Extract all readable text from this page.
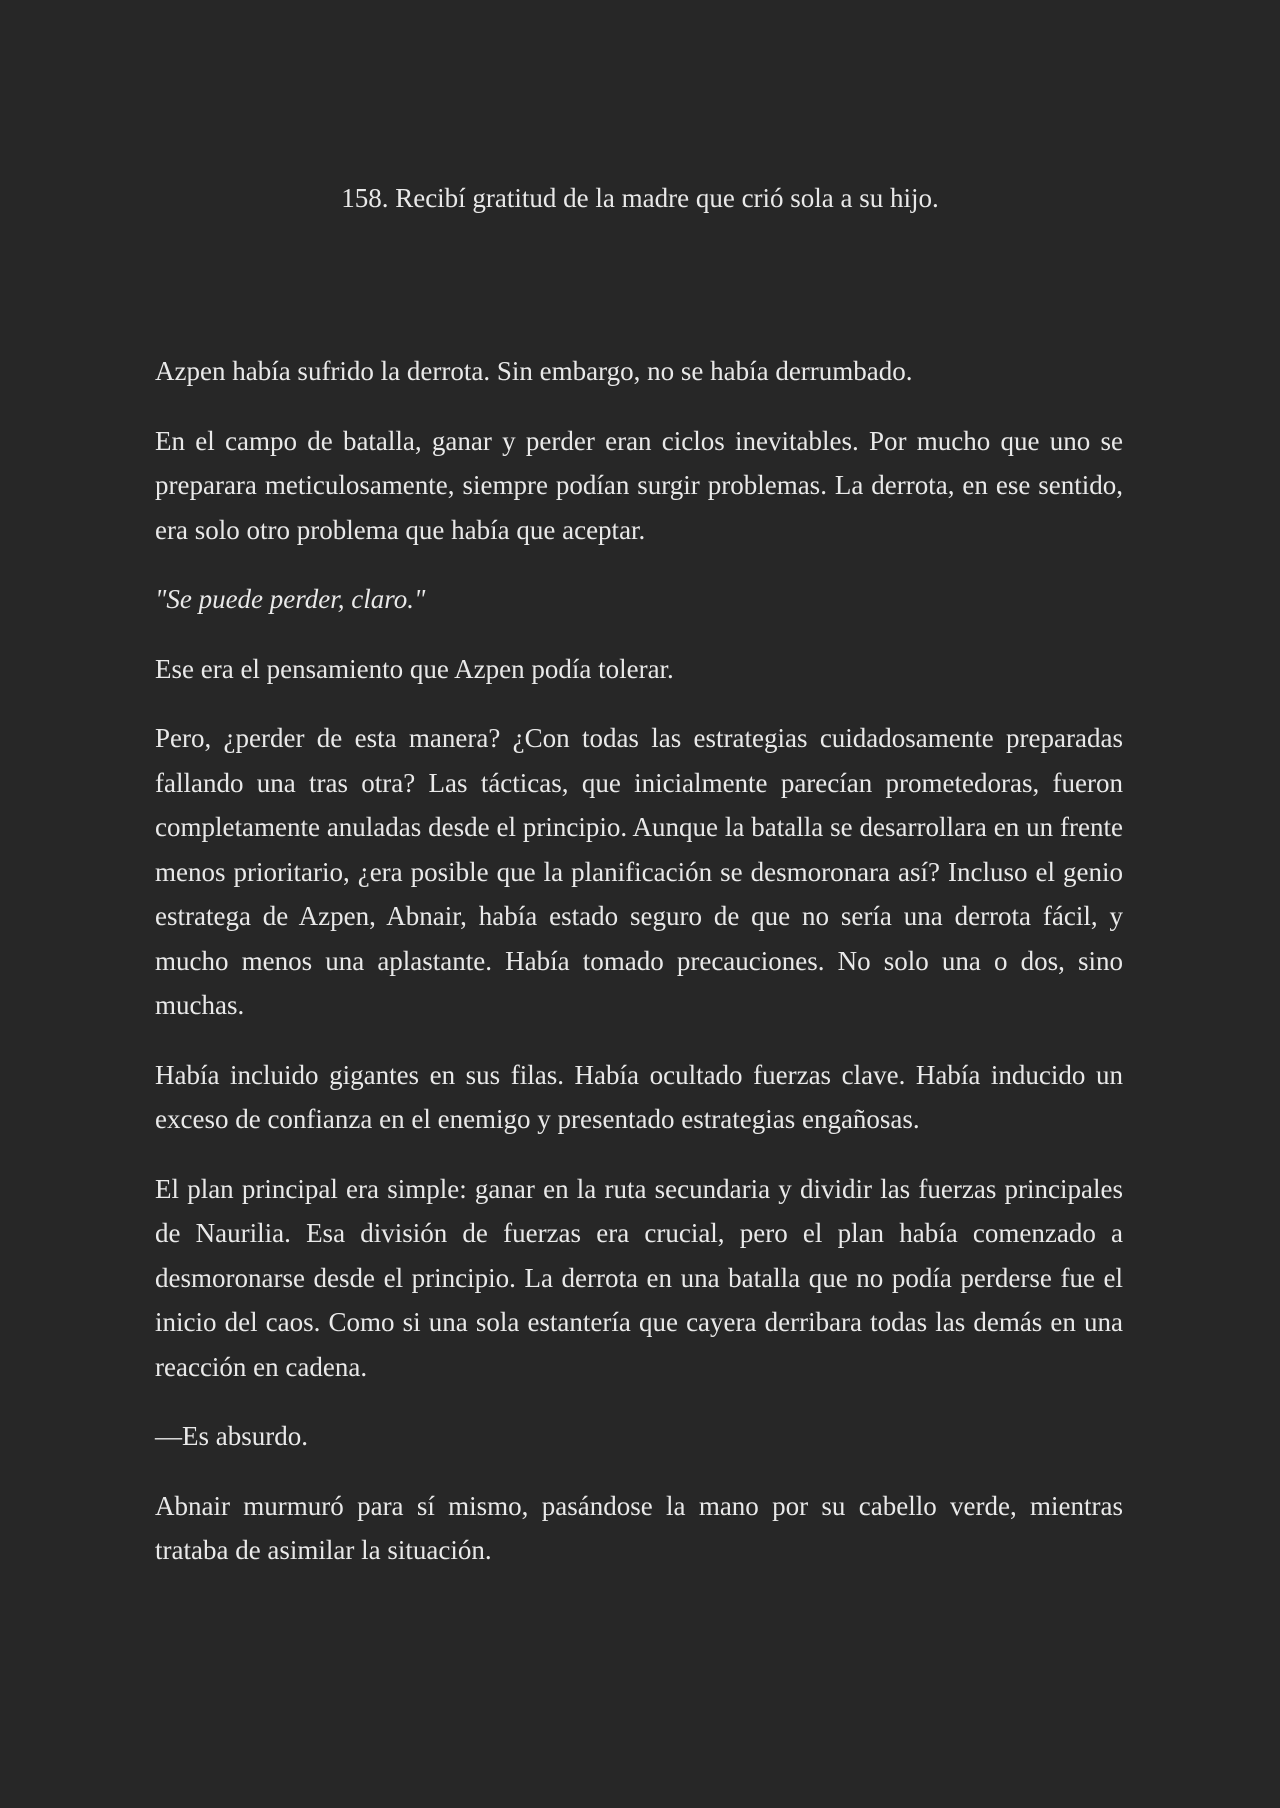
158. Recibí gratitud de la madre que crió sola a su hijo.

Azpen había sufrido la derrota. Sin embargo, no se había derrumbado.

En el campo de batalla, ganar y perder eran ciclos inevitables. Por mucho que uno se preparara meticulosamente, siempre podían surgir problemas. La derrota, en ese sentido, era solo otro problema que había que aceptar.

"Se puede perder, claro."

Ese era el pensamiento que Azpen podía tolerar.

Pero, ¿perder de esta manera? ¿Con todas las estrategias cuidadosamente preparadas fallando una tras otra? Las tácticas, que inicialmente parecían prometedoras, fueron completamente anuladas desde el principio. Aunque la batalla se desarrollara en un frente menos prioritario, ¿era posible que la planificación se desmoronara así? Incluso el genio estratega de Azpen, Abnair, había estado seguro de que no sería una derrota fácil, y mucho menos una aplastante. Había tomado precauciones. No solo una o dos, sino muchas.

Había incluido gigantes en sus filas. Había ocultado fuerzas clave. Había inducido un exceso de confianza en el enemigo y presentado estrategias engañosas.

El plan principal era simple: ganar en la ruta secundaria y dividir las fuerzas principales de Naurilia. Esa división de fuerzas era crucial, pero el plan había comenzado a desmoronarse desde el principio. La derrota en una batalla que no podía perderse fue el inicio del caos. Como si una sola estantería que cayera derribara todas las demás en una reacción en cadena.

—Es absurdo.

Abnair murmuró para sí mismo, pasándose la mano por su cabello verde, mientras trataba de asimilar la situación.
